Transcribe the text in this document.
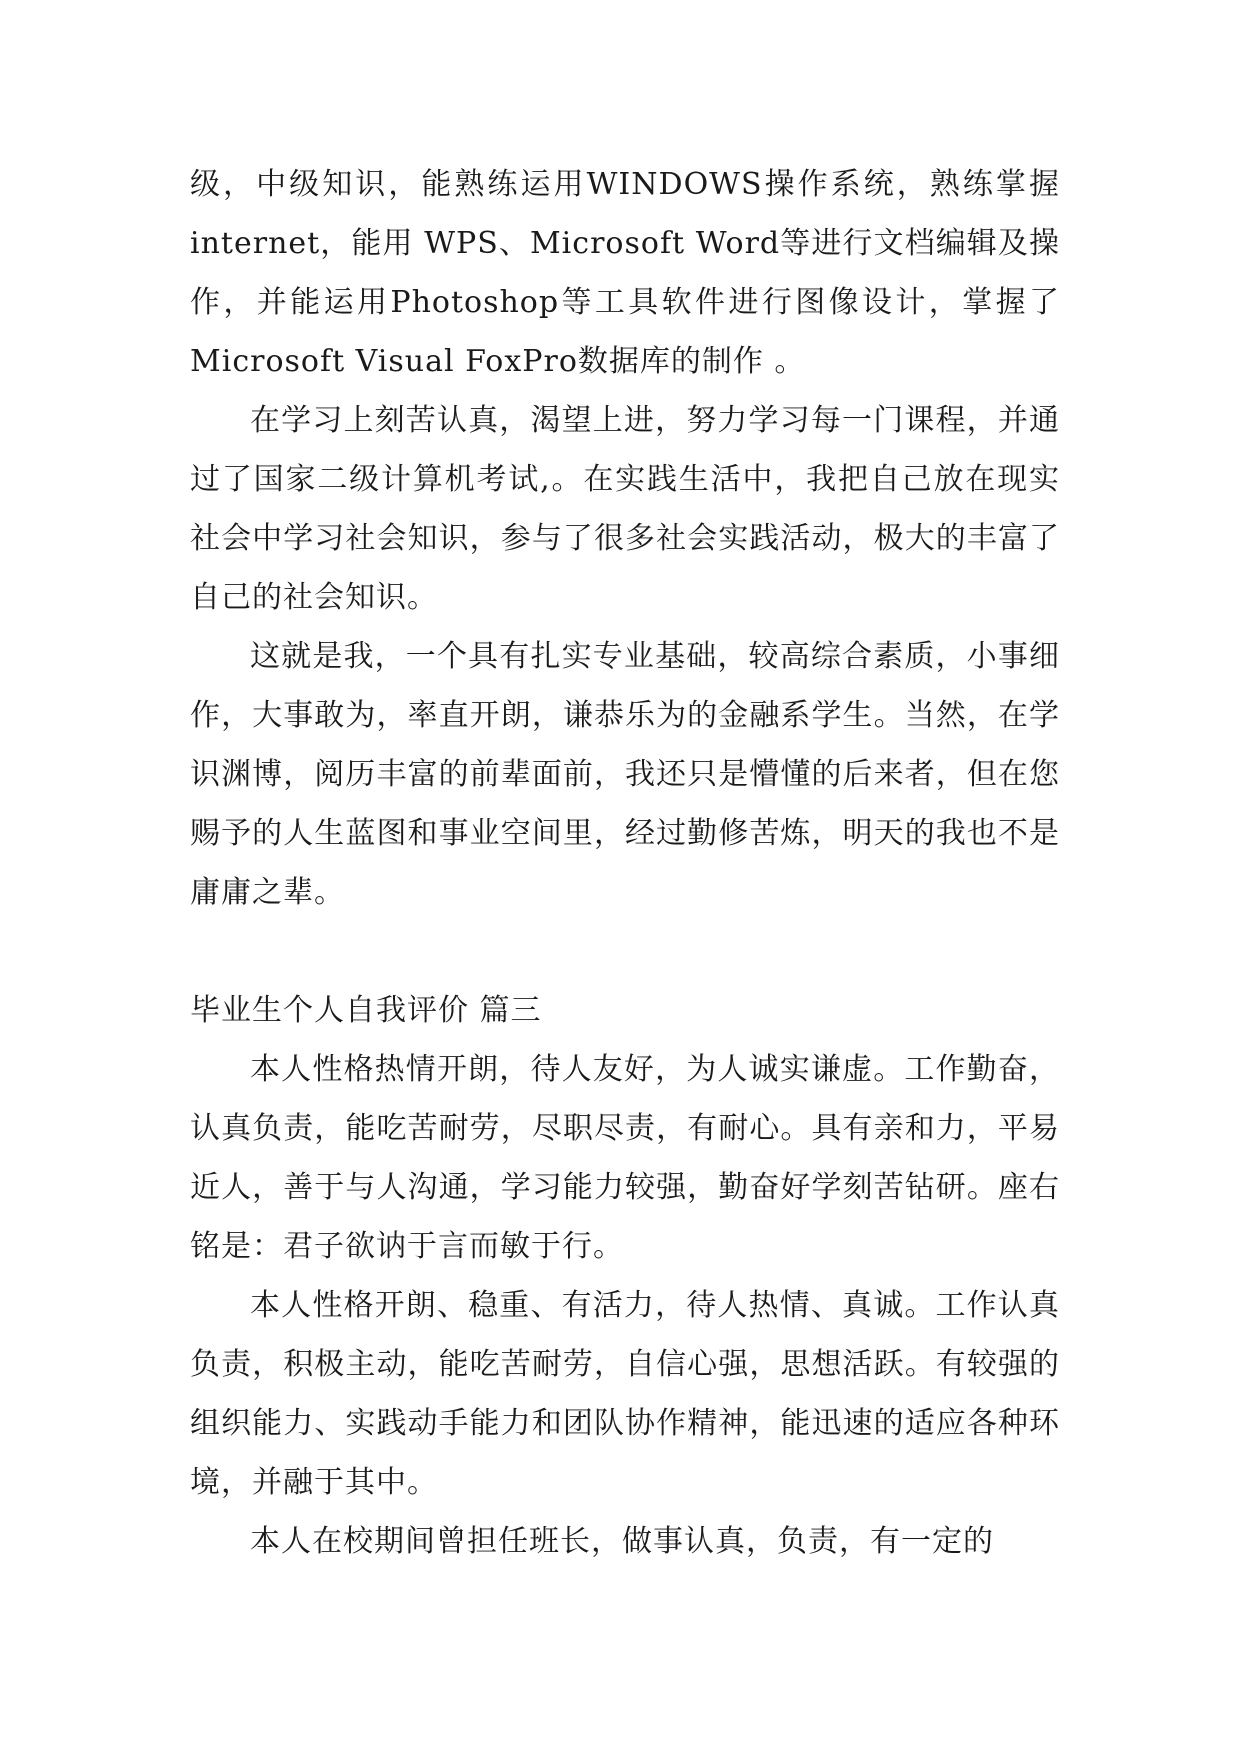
级，中级知识，能熟练运用WINDOWS操作系统，熟练掌握internet，能用 WPS、Microsoft Word等进行文档编辑及操作，并能运用Photoshop等工具软件进行图像设计，掌握了Microsoft Visual FoxPro数据库的制作 。

在学习上刻苦认真，渴望上进，努力学习每一门课程，并通过了国家二级计算机考试,。在实践生活中，我把自己放在现实社会中学习社会知识，参与了很多社会实践活动，极大的丰富了自己的社会知识。

这就是我，一个具有扎实专业基础，较高综合素质，小事细作，大事敢为，率直开朗，谦恭乐为的金融系学生。当然，在学识渊博，阅历丰富的前辈面前，我还只是懵懂的后来者，但在您赐予的人生蓝图和事业空间里，经过勤修苦炼，明天的我也不是庸庸之辈。

毕业生个人自我评价 篇三

本人性格热情开朗，待人友好，为人诚实谦虚。工作勤奋，认真负责，能吃苦耐劳，尽职尽责，有耐心。具有亲和力，平易近人，善于与人沟通，学习能力较强，勤奋好学刻苦钻研。座右铭是：君子欲讷于言而敏于行。

本人性格开朗、稳重、有活力，待人热情、真诚。工作认真负责，积极主动，能吃苦耐劳，自信心强，思想活跃。有较强的组织能力、实践动手能力和团队协作精神，能迅速的适应各种环境，并融于其中。

本人在校期间曾担任班长，做事认真，负责，有一定的
